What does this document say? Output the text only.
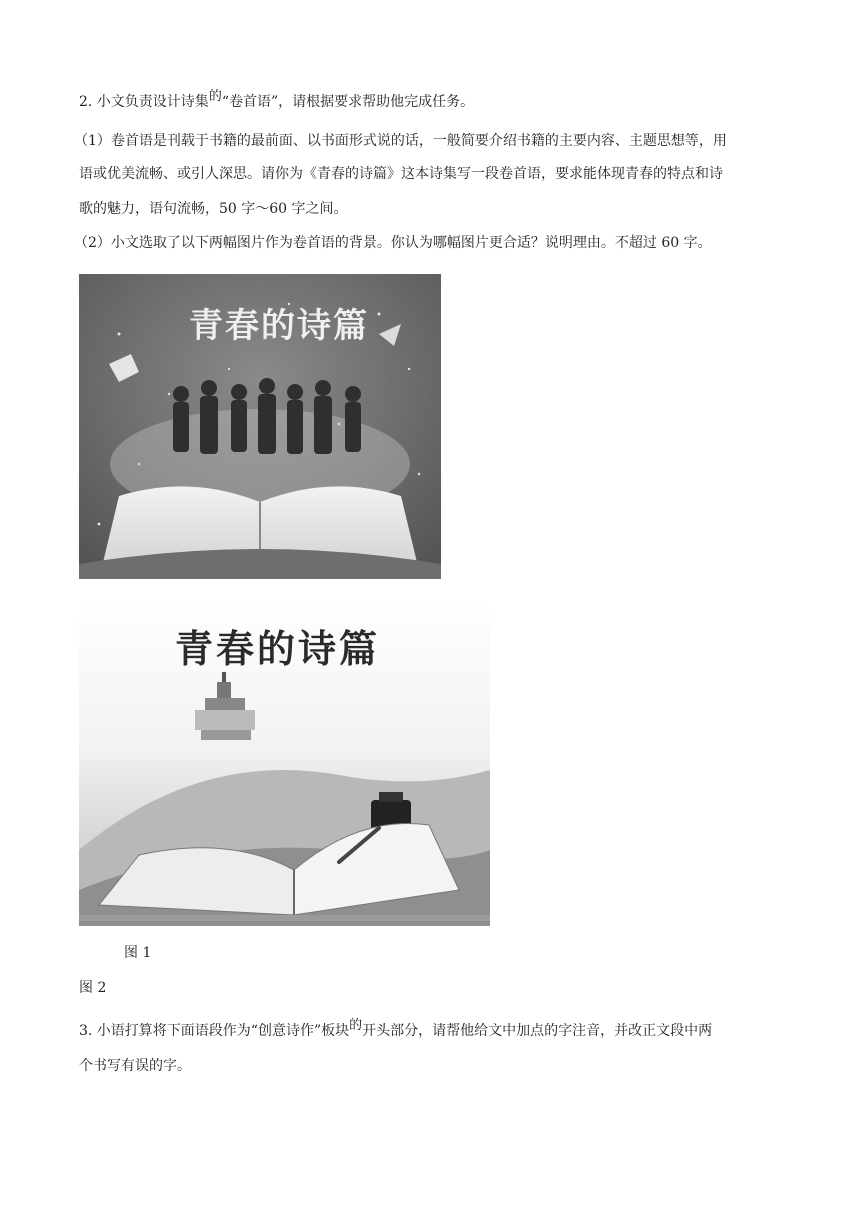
2. 小文负责设计诗集的“卷首语”，请根据要求帮助他完成任务。
（1）卷首语是刊载于书籍的最前面、以书面形式说的话，一般简要介绍书籍的主要内容、主题思想等，用
语或优美流畅、或引人深思。请你为《青春的诗篇》这本诗集写一段卷首语，要求能体现青春的特点和诗
歌的魅力，语句流畅，50 字～60 字之间。
（2）小文选取了以下两幅图片作为卷首语的背景。你认为哪幅图片更合适？说明理由。不超过 60 字。
青春的诗篇
青春的诗篇
图 1
图 2
3. 小语打算将下面语段作为“创意诗作”板块的开头部分，请帮他给文中加点的字注音，并改正文段中两
个书写有误的字。
